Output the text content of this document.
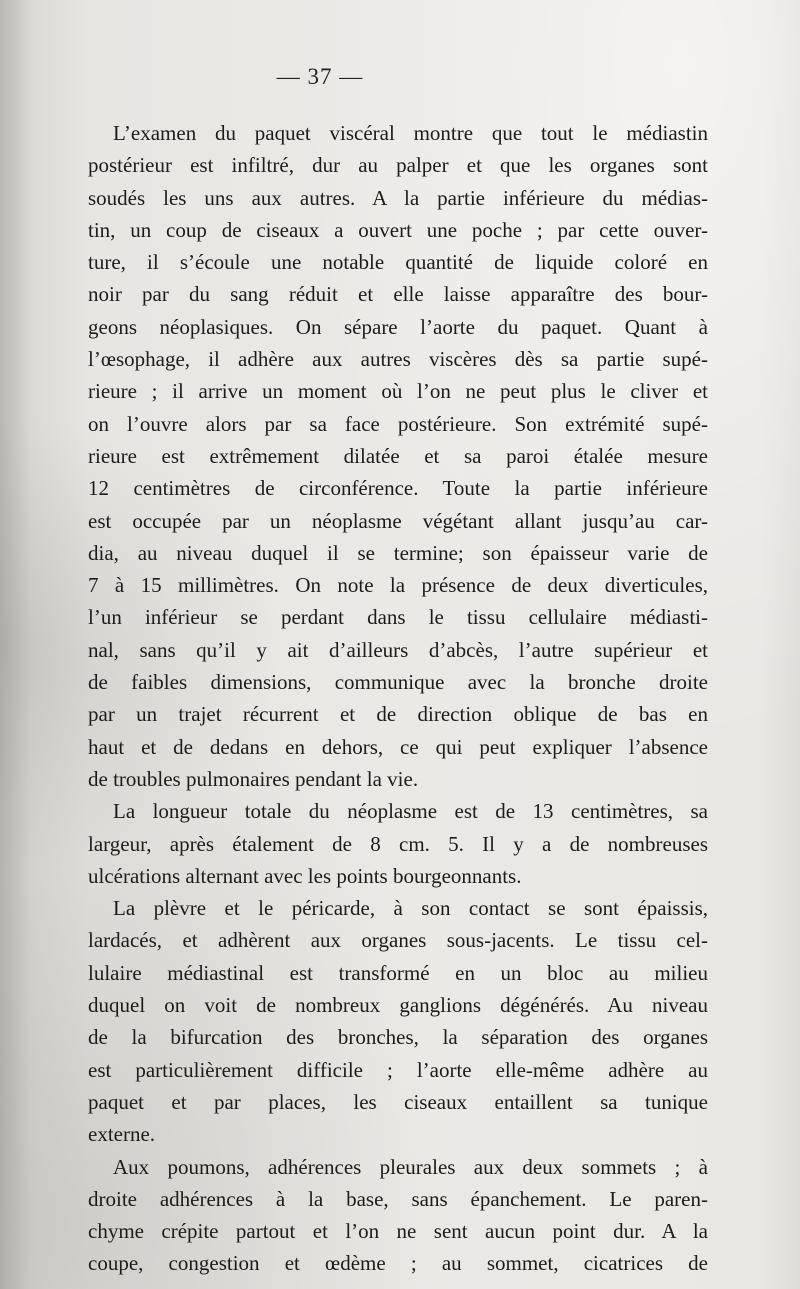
— 37 —
L’examen du paquet viscéral montre que tout le médiastin
postérieur est infiltré, dur au palper et que les organes sont
soudés les uns aux autres. A la partie inférieure du médias-
tin, un coup de ciseaux a ouvert une poche ; par cette ouver-
ture, il s’écoule une notable quantité de liquide coloré en
noir par du sang réduit et elle laisse apparaître des bour-
geons néoplasiques. On sépare l’aorte du paquet. Quant à
l’œsophage, il adhère aux autres viscères dès sa partie supé-
rieure ; il arrive un moment où l’on ne peut plus le cliver et
on l’ouvre alors par sa face postérieure. Son extrémité supé-
rieure est extrêmement dilatée et sa paroi étalée mesure
12 centimètres de circonférence. Toute la partie inférieure
est occupée par un néoplasme végétant allant jusqu’au car-
dia, au niveau duquel il se termine; son épaisseur varie de
7 à 15 millimètres. On note la présence de deux diverticules,
l’un inférieur se perdant dans le tissu cellulaire médiasti-
nal, sans qu’il y ait d’ailleurs d’abcès, l’autre supérieur et
de faibles dimensions, communique avec la bronche droite
par un trajet récurrent et de direction oblique de bas en
haut et de dedans en dehors, ce qui peut expliquer l’absence
de troubles pulmonaires pendant la vie.
La longueur totale du néoplasme est de 13 centimètres, sa
largeur, après étalement de 8 cm. 5. Il y a de nombreuses
ulcérations alternant avec les points bourgeonnants.
La plèvre et le péricarde, à son contact se sont épaissis,
lardacés, et adhèrent aux organes sous-jacents. Le tissu cel-
lulaire médiastinal est transformé en un bloc au milieu
duquel on voit de nombreux ganglions dégénérés. Au niveau
de la bifurcation des bronches, la séparation des organes
est particulièrement difficile ; l’aorte elle-même adhère au
paquet et par places, les ciseaux entaillent sa tunique
externe.
Aux poumons, adhérences pleurales aux deux sommets ; à
droite adhérences à la base, sans épanchement. Le paren-
chyme crépite partout et l’on ne sent aucun point dur. A la
coupe, congestion et œdème ; au sommet, cicatrices de
